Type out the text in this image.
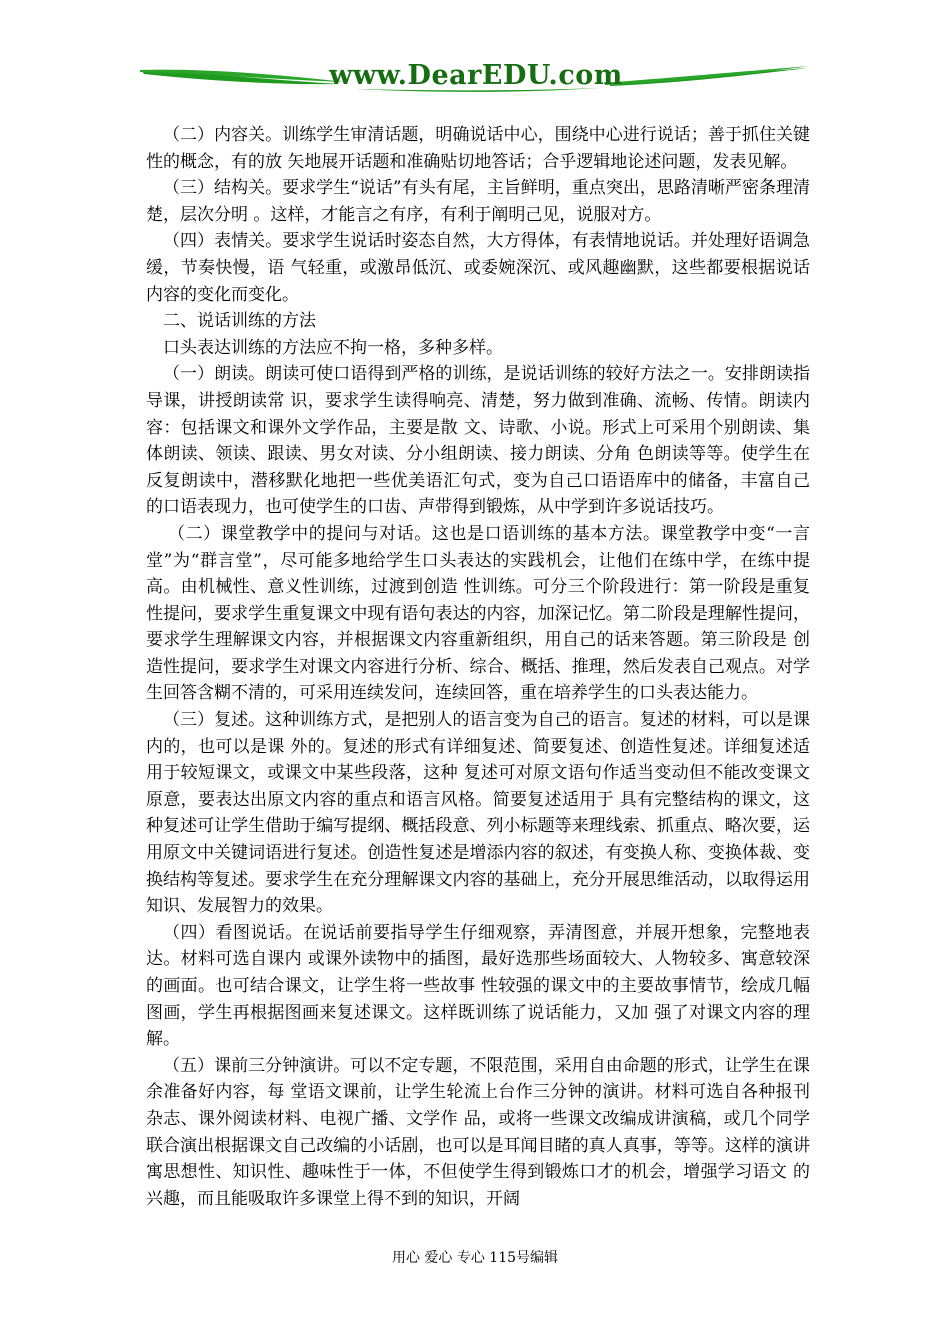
www.DearEDU.com

（二）内容关。训练学生审清话题，明确说话中心，围绕中心进行说话；善于抓住关键性的概念，有的放 矢地展开话题和准确贴切地答话；合乎逻辑地论述问题，发表见解。

（三）结构关。要求学生“说话”有头有尾，主旨鲜明，重点突出，思路清晰严密条理清楚，层次分明 。这样，才能言之有序，有利于阐明己见，说服对方。

（四）表情关。要求学生说话时姿态自然，大方得体，有表情地说话。并处理好语调急缓，节奏快慢，语 气轻重，或激昂低沉、或委婉深沉、或风趣幽默，这些都要根据说话内容的变化而变化。

二、说话训练的方法

口头表达训练的方法应不拘一格，多种多样。

（一）朗读。朗读可使口语得到严格的训练，是说话训练的较好方法之一。安排朗读指导课，讲授朗读常 识，要求学生读得响亮、清楚，努力做到准确、流畅、传情。朗读内容：包括课文和课外文学作品，主要是散 文、诗歌、小说。形式上可采用个别朗读、集体朗读、领读、跟读、男女对读、分小组朗读、接力朗读、分角 色朗读等等。使学生在反复朗读中，潜移默化地把一些优美语汇句式，变为自己口语语库中的储备，丰富自己 的口语表现力，也可使学生的口齿、声带得到锻炼，从中学到许多说话技巧。

（二）课堂教学中的提问与对话。这也是口语训练的基本方法。课堂教学中变“一言堂”为“群言堂”，尽可能多地给学生口头表达的实践机会，让他们在练中学，在练中提高。由机械性、意义性训练，过渡到创造 性训练。可分三个阶段进行：第一阶段是重复性提问，要求学生重复课文中现有语句表达的内容，加深记忆。第二阶段是理解性提问，要求学生理解课文内容，并根据课文内容重新组织，用自己的话来答题。第三阶段是 创造性提问，要求学生对课文内容进行分析、综合、概括、推理，然后发表自己观点。对学生回答含糊不清的，可采用连续发问，连续回答，重在培养学生的口头表达能力。

（三）复述。这种训练方式，是把别人的语言变为自己的语言。复述的材料，可以是课内的，也可以是课 外的。复述的形式有详细复述、简要复述、创造性复述。详细复述适用于较短课文，或课文中某些段落，这种 复述可对原文语句作适当变动但不能改变课文原意，要表达出原文内容的重点和语言风格。简要复述适用于 具有完整结构的课文，这种复述可让学生借助于编写提纲、概括段意、列小标题等来理线索、抓重点、略次要，运用原文中关键词语进行复述。创造性复述是增添内容的叙述，有变换人称、变换体裁、变换结构等复述。要求学生在充分理解课文内容的基础上，充分开展思维活动，以取得运用知识、发展智力的效果。

（四）看图说话。在说话前要指导学生仔细观察，弄清图意，并展开想象，完整地表达。材料可选自课内 或课外读物中的插图，最好选那些场面较大、人物较多、寓意较深的画面。也可结合课文，让学生将一些故事 性较强的课文中的主要故事情节，绘成几幅图画，学生再根据图画来复述课文。这样既训练了说话能力，又加 强了对课文内容的理解。

（五）课前三分钟演讲。可以不定专题，不限范围，采用自由命题的形式，让学生在课余准备好内容，每 堂语文课前，让学生轮流上台作三分钟的演讲。材料可选自各种报刊杂志、课外阅读材料、电视广播、文学作 品，或将一些课文改编成讲演稿，或几个同学联合演出根据课文自己改编的小话剧，也可以是耳闻目睹的真人真事，等等。这样的演讲寓思想性、知识性、趣味性于一体，不但使学生得到锻炼口才的机会，增强学习语文 的兴趣，而且能吸取许多课堂上得不到的知识，开阔

用心 爱心 专心 115号编辑
